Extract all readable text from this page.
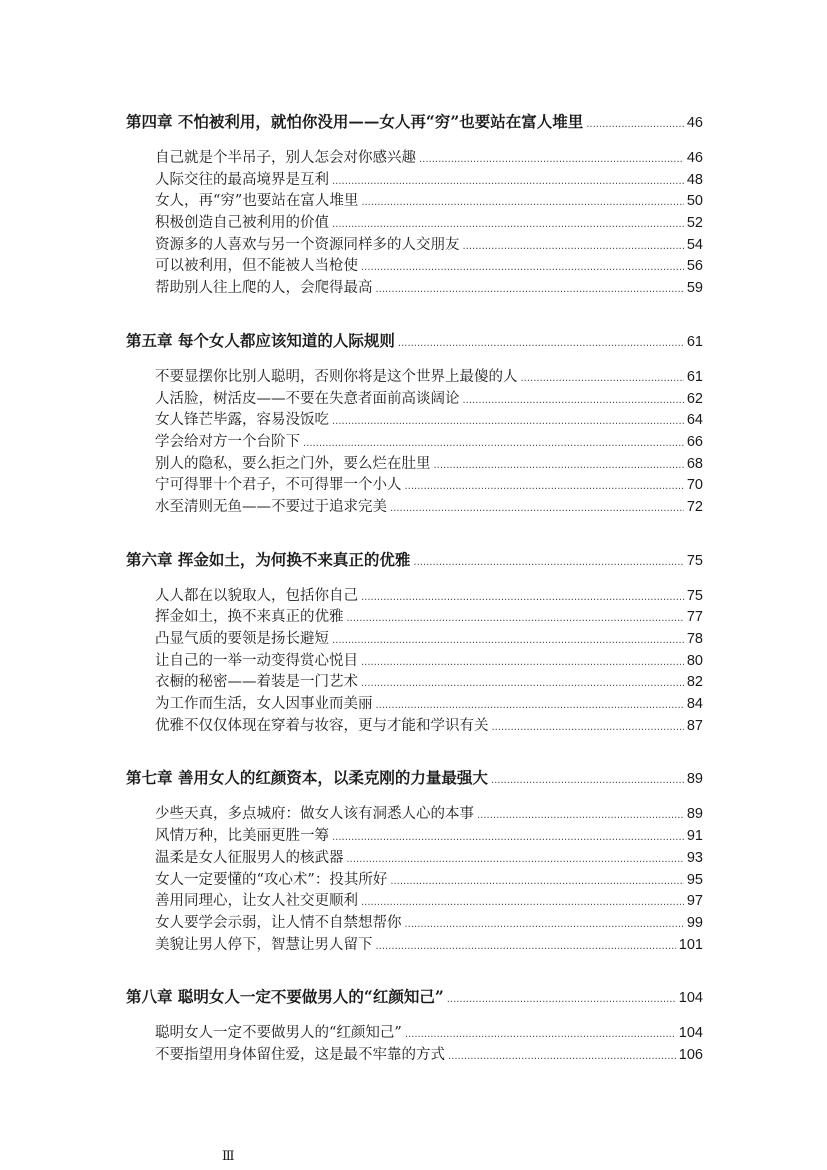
第四章 不怕被利用，就怕你没用——女人再“穷”也要站在富人堆里 .....	46
自己就是个半吊子，别人怎会对你感兴趣 .....	46
人际交往的最高境界是互利 .....	48
女人，再“穷”也要站在富人堆里 .....	50
积极创造自己被利用的价值 .....	52
资源多的人喜欢与另一个资源同样多的人交朋友 .....	54
可以被利用，但不能被人当枪使 .....	56
帮助别人往上爬的人，会爬得最高 .....	59
第五章 每个女人都应该知道的人际规则 .....	61
不要显摆你比别人聪明，否则你将是这个世界上最傻的人 .....	61
人活脸，树活皮——不要在失意者面前高谈阔论 .....	62
女人锋芒毕露，容易没饭吃 .....	64
学会给对方一个台阶下 .....	66
别人的隐私，要么拒之门外，要么烂在肚里 .....	68
宁可得罪十个君子，不可得罪一个小人 .....	70
水至清则无鱼——不要过于追求完美 .....	72
第六章 挥金如土，为何换不来真正的优雅 .....	75
人人都在以貌取人，包括你自己 .....	75
挥金如土，换不来真正的优雅 .....	77
凸显气质的要领是扬长避短 .....	78
让自己的一举一动变得赏心悦目 .....	80
衣橱的秘密——着装是一门艺术 .....	82
为工作而生活，女人因事业而美丽 .....	84
优雅不仅仅体现在穿着与妆容，更与才能和学识有关 .....	87
第七章 善用女人的红颜资本，以柔克刚的力量最强大 .....	89
少些天真，多点城府：做女人该有洞悉人心的本事 .....	89
风情万种，比美丽更胜一筹 .....	91
温柔是女人征服男人的核武器 .....	93
女人一定要懂的“攻心术”：投其所好 .....	95
善用同理心，让女人社交更顺利 .....	97
女人要学会示弱，让人情不自禁想帮你 .....	99
美貌让男人停下，智慧让男人留下 .....	101
第八章 聪明女人一定不要做男人的“红颜知己” .....	104
聪明女人一定不要做男人的“红颜知己” .....	104
不要指望用身体留住爱，这是最不牢靠的方式 .....	106
Ⅲ
